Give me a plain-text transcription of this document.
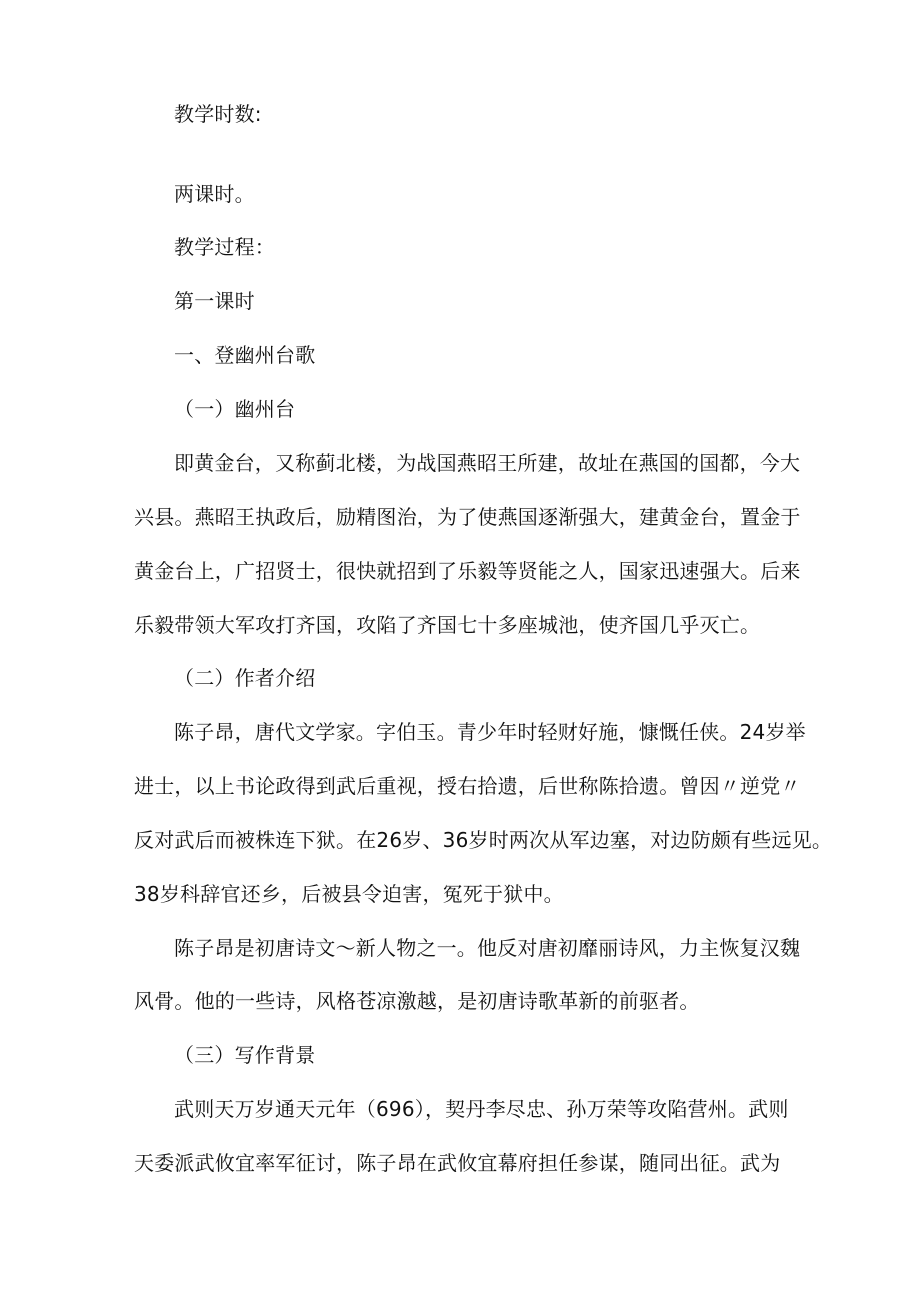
教学时数:

两课时。

教学过程：

第一课时

一、登幽州台歌

（一）幽州台

即黄金台，又称蓟北楼，为战国燕昭王所建，故址在燕国的国都，今大

兴县。燕昭王执政后，励精图治，为了使燕国逐渐强大，建黄金台，置金于

黄金台上，广招贤士，很快就招到了乐毅等贤能之人，国家迅速强大。后来

乐毅带领大军攻打齐国，攻陷了齐国七十多座城池，使齐国几乎灭亡。

（二）作者介绍

陈子昂，唐代文学家。字伯玉。青少年时轻财好施，慷慨任侠。24岁举

进士，以上书论政得到武后重视，授右拾遗，后世称陈拾遗。曾因〃逆党〃

反对武后而被株连下狱。在26岁、36岁时两次从军边塞，对边防颇有些远见。

38岁科辞官还乡，后被县令迫害，冤死于狱中。

陈子昂是初唐诗文〜新人物之一。他反对唐初靡丽诗风，力主恢复汉魏

风骨。他的一些诗，风格苍凉激越，是初唐诗歌革新的前驱者。

（三）写作背景

武则天万岁通天元年（696），契丹李尽忠、孙万荣等攻陷营州。武则

天委派武攸宜率军征讨，陈子昂在武攸宜幕府担任参谋，随同出征。武为
